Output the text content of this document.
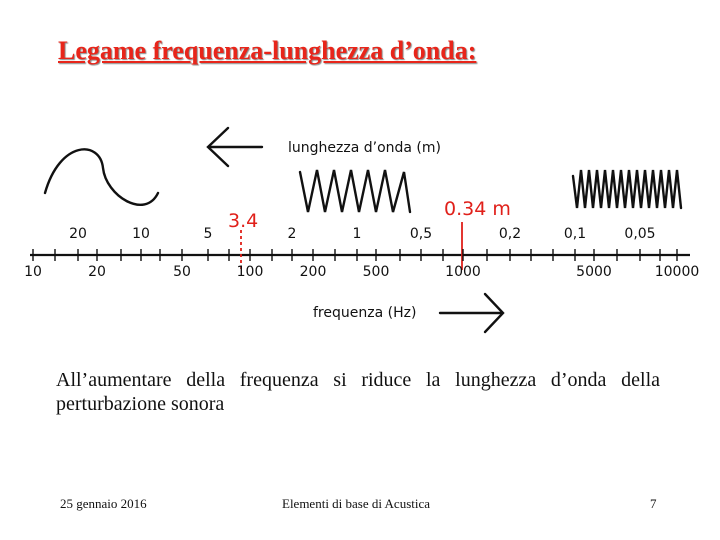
Legame frequenza-lunghezza d’onda:
lunghezza d’onda (m)
frequenza (Hz)
20	10	5	2	1	0,5	0,2	0,1	0,05
10	20	50	100	200	500	1000	5000	10000
3.4
0.34 m
All’aumentare della frequenza si riduce la lunghezza d’onda della perturbazione sonora
25 gennaio 2016	Elementi di base di Acustica	7
